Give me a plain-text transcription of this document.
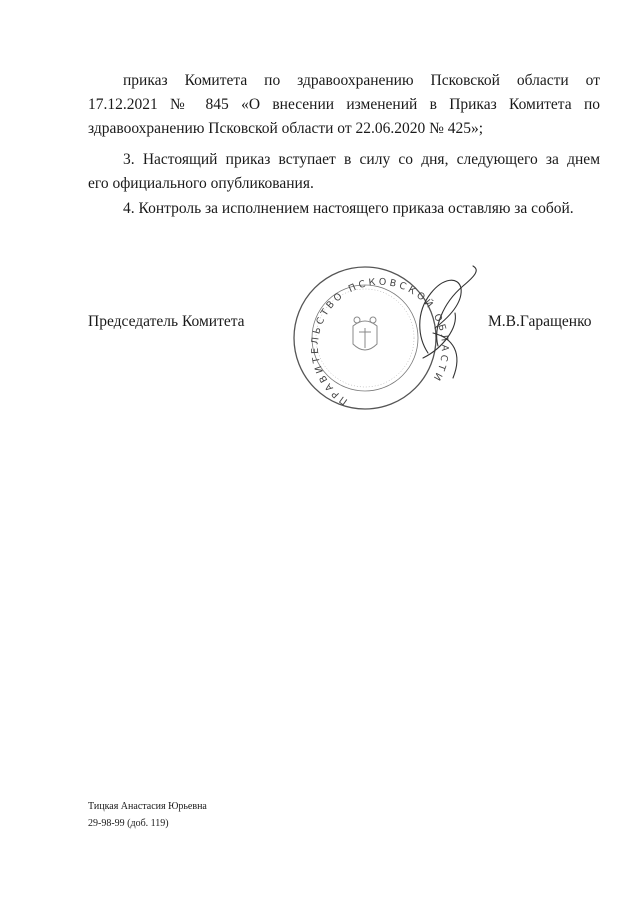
приказ Комитета по здравоохранению Псковской области от

17.12.2021 № 845 «О внесении изменений в Приказ Комитета по

здравоохранению Псковской области от 22.06.2020 № 425»;

3. Настоящий приказ вступает в силу со дня, следующего за днем

его официального опубликования.

4. Контроль за исполнением настоящего приказа оставляю за собой.

Председатель Комитета
ПРАВИТЕЛЬСТВО ПСКОВСКОЙ ОБЛАСТИ
М.В.Гаращенко
Тицкая Анастасия Юрьевна
29-98-99 (доб. 119)
